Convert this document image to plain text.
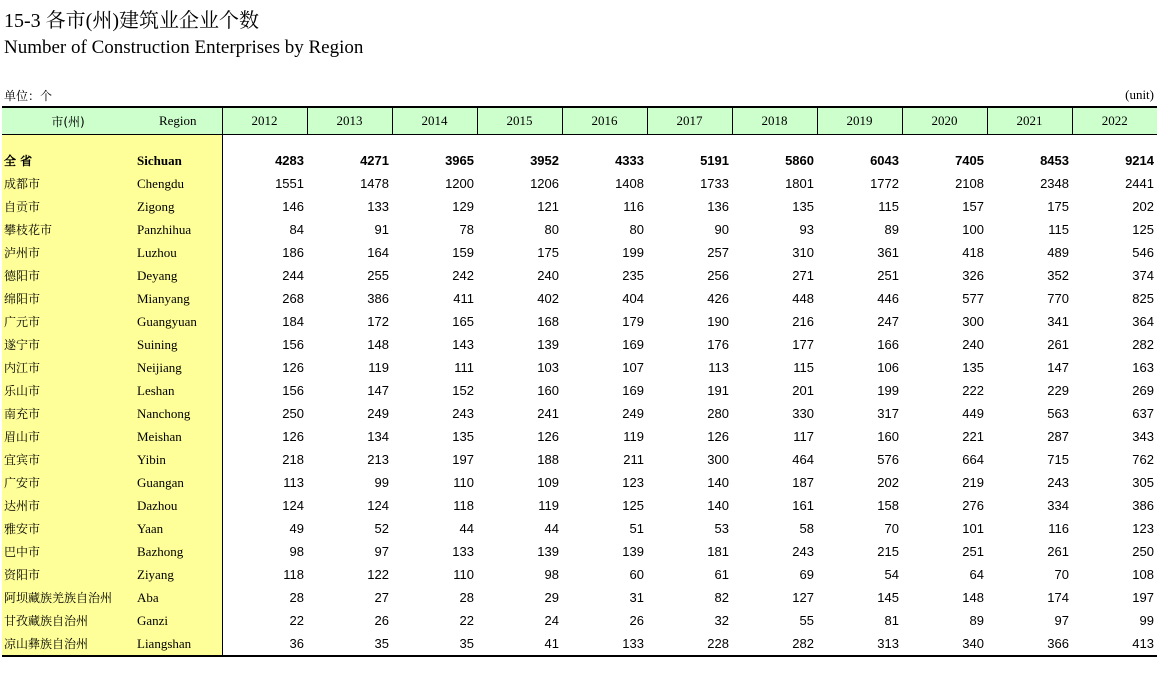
15-3 各市(州)建筑业企业个数
Number of Construction Enterprises by Region
单位：个	(unit)
市(州)	Region	2012	2013	2014	2015	2016	2017	2018	2019	2020	2021	2022

全 省	Sichuan	4283	4271	3965	3952	4333	5191	5860	6043	7405	8453	9214
成都市	Chengdu	1551	1478	1200	1206	1408	1733	1801	1772	2108	2348	2441
自贡市	Zigong	146	133	129	121	116	136	135	115	157	175	202
攀枝花市	Panzhihua	84	91	78	80	80	90	93	89	100	115	125
泸州市	Luzhou	186	164	159	175	199	257	310	361	418	489	546
德阳市	Deyang	244	255	242	240	235	256	271	251	326	352	374
绵阳市	Mianyang	268	386	411	402	404	426	448	446	577	770	825
广元市	Guangyuan	184	172	165	168	179	190	216	247	300	341	364
遂宁市	Suining	156	148	143	139	169	176	177	166	240	261	282
内江市	Neijiang	126	119	111	103	107	113	115	106	135	147	163
乐山市	Leshan	156	147	152	160	169	191	201	199	222	229	269
南充市	Nanchong	250	249	243	241	249	280	330	317	449	563	637
眉山市	Meishan	126	134	135	126	119	126	117	160	221	287	343
宜宾市	Yibin	218	213	197	188	211	300	464	576	664	715	762
广安市	Guangan	113	99	110	109	123	140	187	202	219	243	305
达州市	Dazhou	124	124	118	119	125	140	161	158	276	334	386
雅安市	Yaan	49	52	44	44	51	53	58	70	101	116	123
巴中市	Bazhong	98	97	133	139	139	181	243	215	251	261	250
资阳市	Ziyang	118	122	110	98	60	61	69	54	64	70	108
阿坝藏族羌族自治州	Aba	28	27	28	29	31	82	127	145	148	174	197
甘孜藏族自治州	Ganzi	22	26	22	24	26	32	55	81	89	97	99
凉山彝族自治州	Liangshan	36	35	35	41	133	228	282	313	340	366	413
